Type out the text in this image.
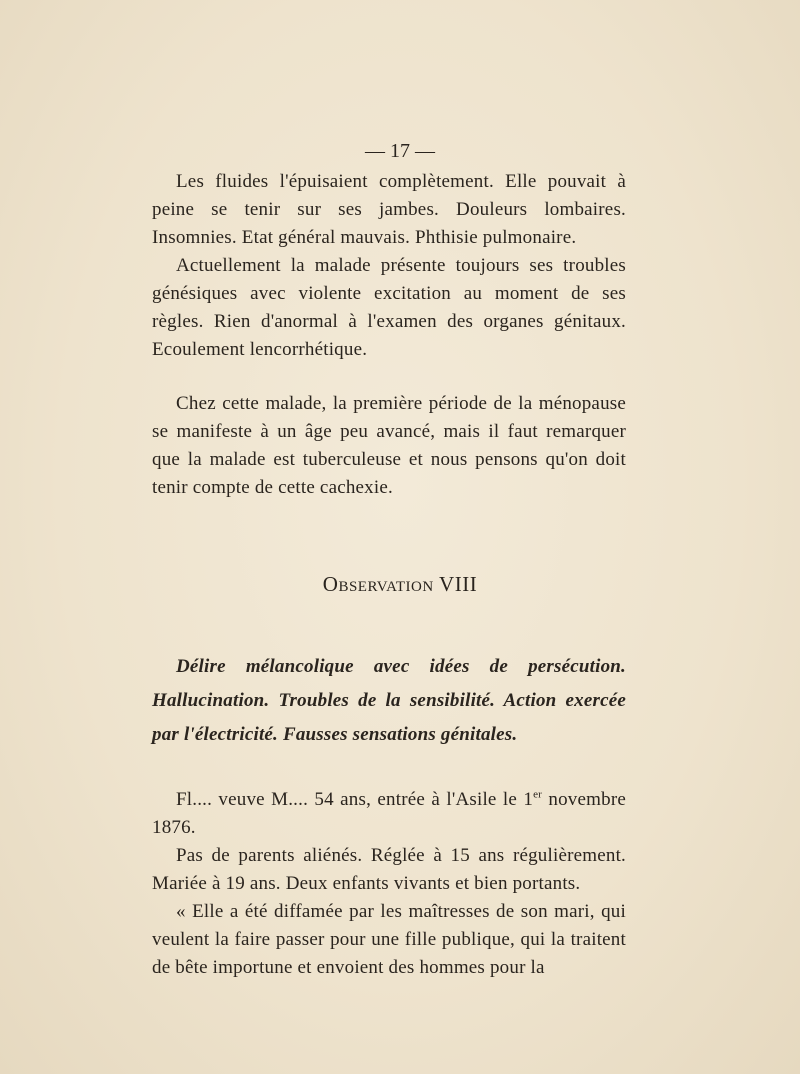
— 17 —

Les fluides l'épuisaient complètement. Elle pouvait à peine se tenir sur ses jambes. Douleurs lombaires. Insomnies. Etat général mauvais. Phthisie pulmonaire.

Actuellement la malade présente toujours ses troubles génésiques avec violente excitation au moment de ses règles. Rien d'anormal à l'examen des organes génitaux. Ecoulement lencorrhétique.

Chez cette malade, la première période de la ménopause se manifeste à un âge peu avancé, mais il faut remarquer que la malade est tuberculeuse et nous pensons qu'on doit tenir compte de cette cachexie.

Observation VIII

Délire mélancolique avec idées de persécution. Hallucination. Troubles de la sensibilité. Action exercée par l'électricité. Fausses sensations génitales.

Fl.... veuve M.... 54 ans, entrée à l'Asile le 1er novembre 1876.

Pas de parents aliénés. Réglée à 15 ans régulièrement. Mariée à 19 ans. Deux enfants vivants et bien portants.

« Elle a été diffamée par les maîtresses de son mari, qui veulent la faire passer pour une fille publique, qui la traitent de bête importune et envoient des hommes pour la
